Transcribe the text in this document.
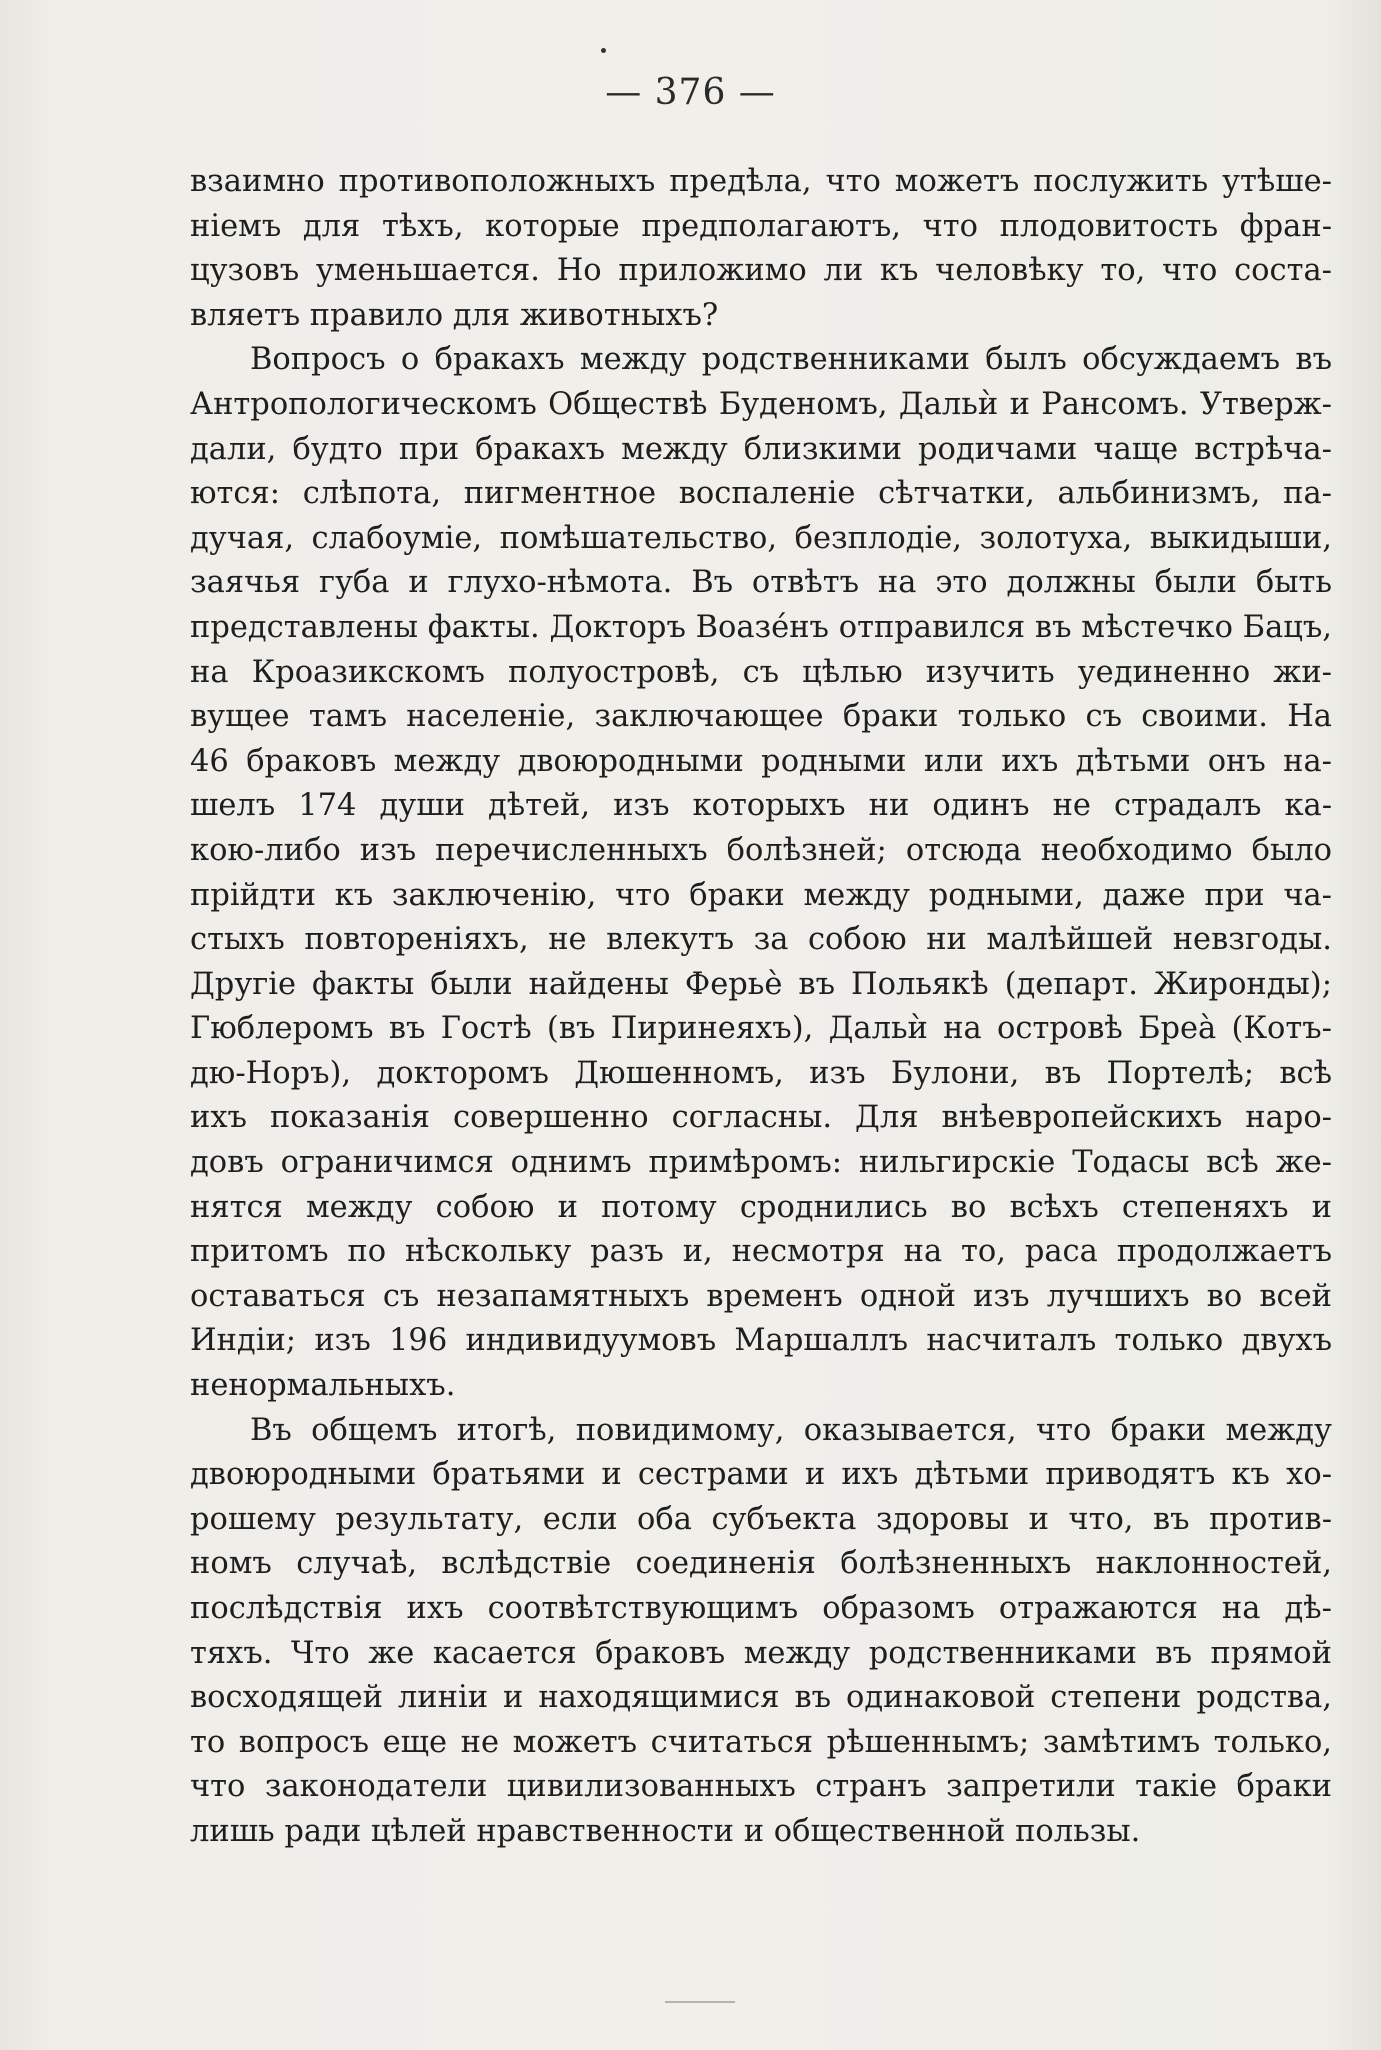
— 376 —

взаимно противоположныхъ предѣла, что можетъ послужить утѣше-
ніемъ для тѣхъ, которые предполагаютъ, что плодовитость фран-
цузовъ уменьшается. Но приложимо ли къ человѣку то, что соста-
вляетъ правило для животныхъ?

Вопросъ о бракахъ между родственниками былъ обсуждаемъ въ
Антропологическомъ Обществѣ Буденомъ, Дальѝ и Рансомъ. Утверж-
дали, будто при бракахъ между близкими родичами чаще встрѣча-
ются: слѣпота, пигментное воспаленіе сѣтчатки, альбинизмъ, па-
дучая, слабоуміе, помѣшательство, безплодіе, золотуха, выкидыши,
заячья губа и глухо-нѣмота. Въ отвѣтъ на это должны были быть
представлены факты. Докторъ Воазе́нъ отправился въ мѣстечко Бацъ,
на Кроазикскомъ полуостровѣ, съ цѣлью изучить уединенно жи-
вущее тамъ населеніе, заключающее браки только съ своими. На
46 браковъ между двоюродными родными или ихъ дѣтьми онъ на-
шелъ 174 души дѣтей, изъ которыхъ ни одинъ не страдалъ ка-
кою-либо изъ перечисленныхъ болѣзней; отсюда необходимо было
прійдти къ заключенію, что браки между родными, даже при ча-
стыхъ повтореніяхъ, не влекутъ за собою ни малѣйшей невзгоды.
Другіе факты были найдены Ферьѐ въ Польякѣ (департ. Жиронды);
Гюблеромъ въ Гостѣ (въ Пиринеяхъ), Дальѝ на островѣ Бреа̀ (Котъ-
дю-Норъ), докторомъ Дюшенномъ, изъ Булони, въ Портелѣ; всѣ
ихъ показанія совершенно согласны. Для внѣевропейскихъ наро-
довъ ограничимся однимъ примѣромъ: нильгирскіе Тодасы всѣ же-
нятся между собою и потому сроднились во всѣхъ степеняхъ и
притомъ по нѣскольку разъ и, несмотря на то, раса продолжаетъ
оставаться съ незапамятныхъ временъ одной изъ лучшихъ во всей
Индіи; изъ 196 индивидуумовъ Маршаллъ насчиталъ только двухъ
ненормальныхъ.

Въ общемъ итогѣ, повидимому, оказывается, что браки между
двоюродными братьями и сестрами и ихъ дѣтьми приводятъ къ хо-
рошему результату, если оба субъекта здоровы и что, въ против-
номъ случаѣ, вслѣдствіе соединенія болѣзненныхъ наклонностей,
послѣдствія ихъ соотвѣтствующимъ образомъ отражаются на дѣ-
тяхъ. Что же касается браковъ между родственниками въ прямой
восходящей линіи и находящимися въ одинаковой степени родства,
то вопросъ еще не можетъ считаться рѣшеннымъ; замѣтимъ только,
что законодатели цивилизованныхъ странъ запретили такіе браки
лишь ради цѣлей нравственности и общественной пользы.
